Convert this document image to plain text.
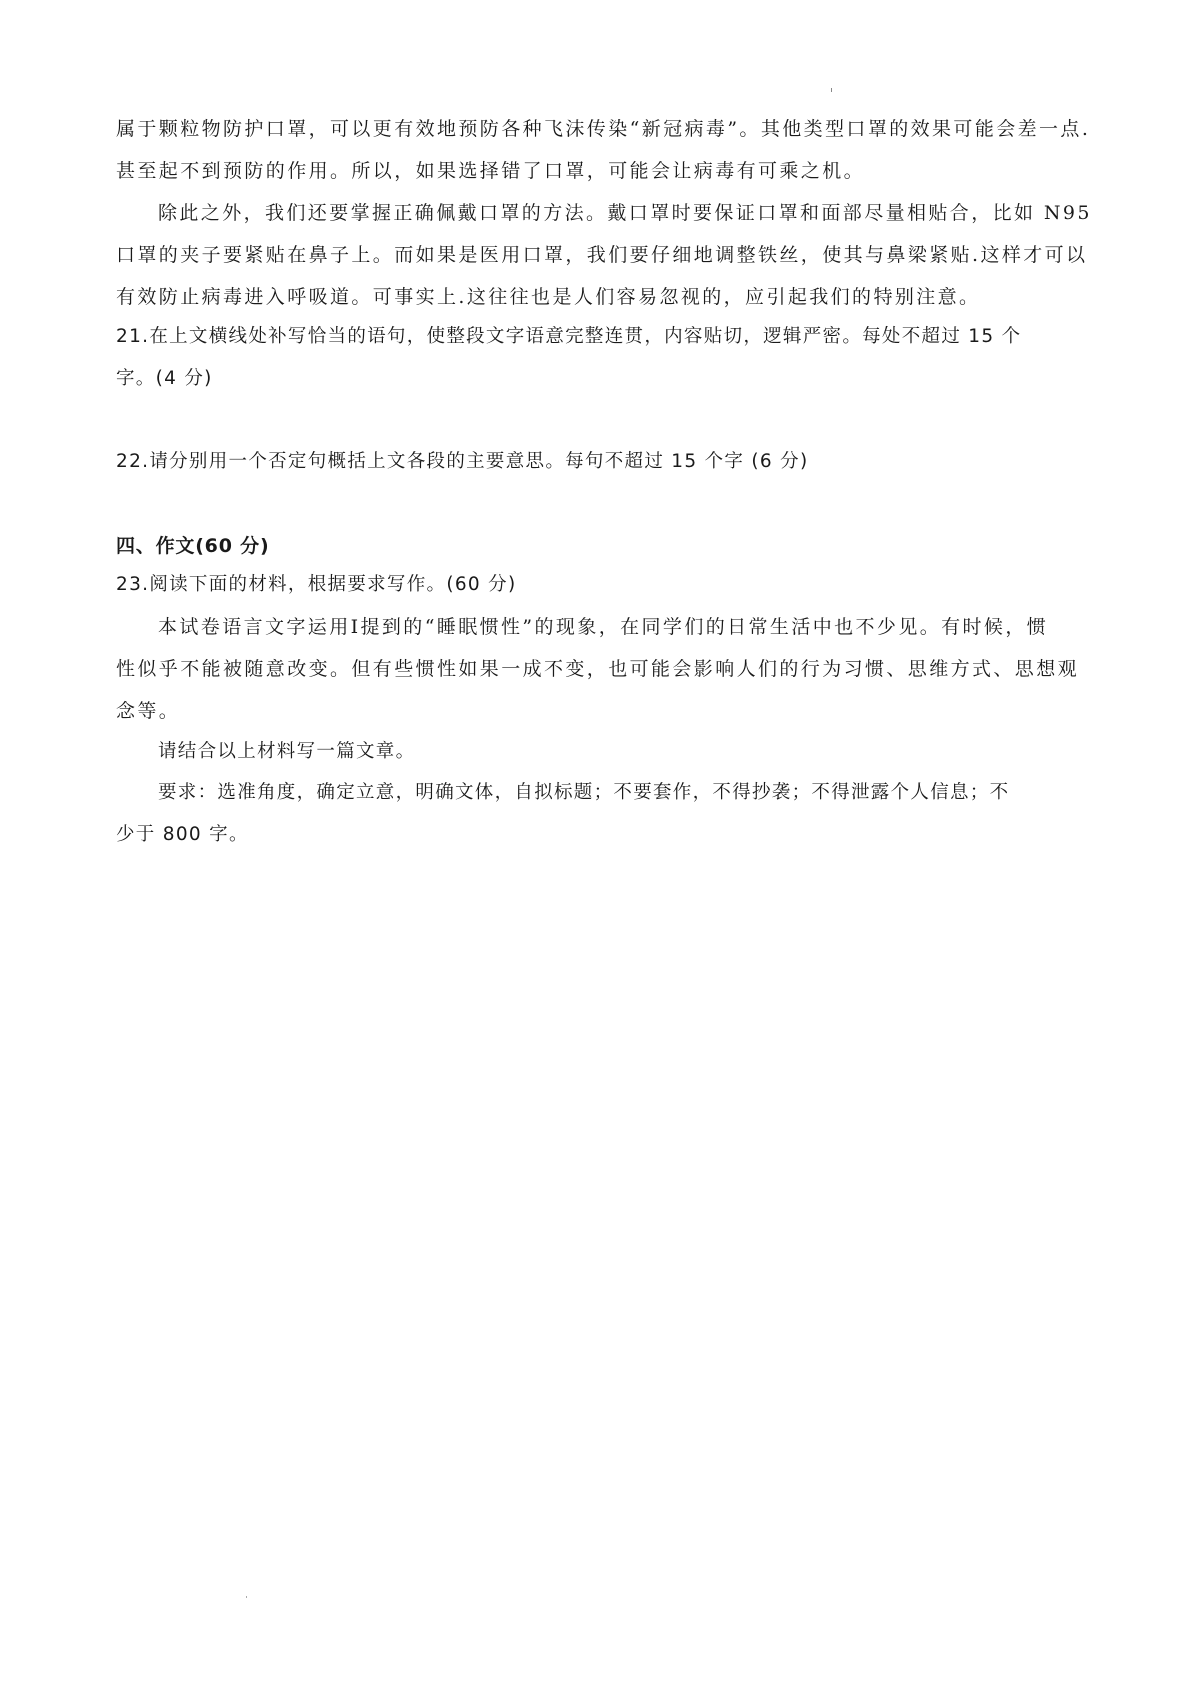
属于颗粒物防护口罩，可以更有效地预防各种飞沫传染“新冠病毒”。其他类型口罩的效果可能会差一点.
甚至起不到预防的作用。所以，如果选择错了口罩，可能会让病毒有可乘之机。
除此之外，我们还要掌握正确佩戴口罩的方法。戴口罩时要保证口罩和面部尽量相贴合，比如 N95
口罩的夹子要紧贴在鼻子上。而如果是医用口罩，我们要仔细地调整铁丝，使其与鼻梁紧贴.这样才可以
有效防止病毒进入呼吸道。可事实上.这往往也是人们容易忽视的，应引起我们的特别注意。
21.在上文横线处补写恰当的语句，使整段文字语意完整连贯，内容贴切，逻辑严密。每处不超过 15 个
字。(4 分)
22.请分别用一个否定句概括上文各段的主要意思。每句不超过 15 个字 (6 分)
四、作文(60 分)
23.阅读下面的材料，根据要求写作。(60 分)
本试卷语言文字运用Ⅰ提到的“睡眠惯性”的现象，在同学们的日常生活中也不少见。有时候，惯
性似乎不能被随意改变。但有些惯性如果一成不变，也可能会影响人们的行为习惯、思维方式、思想观
念等。
请结合以上材料写一篇文章。
要求：选准角度，确定立意，明确文体，自拟标题；不要套作，不得抄袭；不得泄露个人信息；不
少于 800 字。
